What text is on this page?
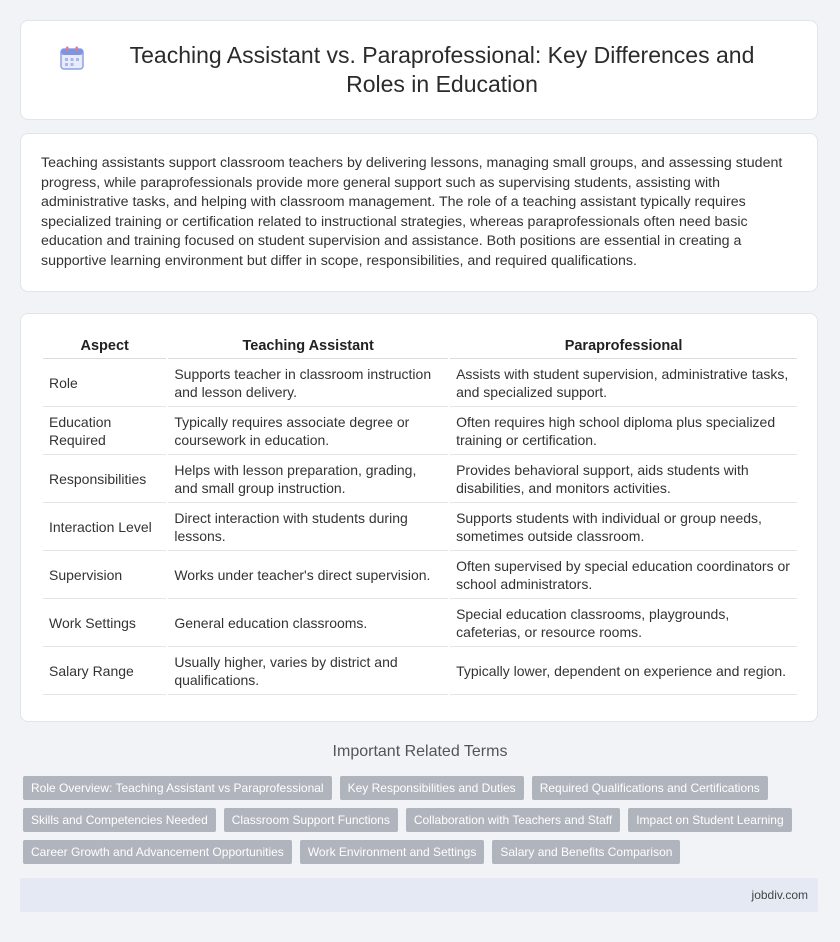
Teaching Assistant vs. Paraprofessional: Key Differences and Roles in Education

Teaching assistants support classroom teachers by delivering lessons, managing small groups, and assessing student progress, while paraprofessionals provide more general support such as supervising students, assisting with administrative tasks, and helping with classroom management. The role of a teaching assistant typically requires specialized training or certification related to instructional strategies, whereas paraprofessionals often need basic education and training focused on student supervision and assistance. Both positions are essential in creating a supportive learning environment but differ in scope, responsibilities, and required qualifications.

Aspect	Teaching Assistant	Paraprofessional
Role	Supports teacher in classroom instruction and lesson delivery.	Assists with student supervision, administrative tasks, and specialized support.
Education Required	Typically requires associate degree or coursework in education.	Often requires high school diploma plus specialized training or certification.
Responsibilities	Helps with lesson preparation, grading, and small group instruction.	Provides behavioral support, aids students with disabilities, and monitors activities.
Interaction Level	Direct interaction with students during lessons.	Supports students with individual or group needs, sometimes outside classroom.
Supervision	Works under teacher's direct supervision.	Often supervised by special education coordinators or school administrators.
Work Settings	General education classrooms.	Special education classrooms, playgrounds, cafeterias, or resource rooms.
Salary Range	Usually higher, varies by district and qualifications.	Typically lower, dependent on experience and region.
Important Related Terms
Role Overview: Teaching Assistant vs Paraprofessional Key Responsibilities and Duties Required Qualifications and Certifications
Skills and Competencies Needed Classroom Support Functions Collaboration with Teachers and Staff Impact on Student Learning
Career Growth and Advancement Opportunities Work Environment and Settings Salary and Benefits Comparison
jobdiv.com
